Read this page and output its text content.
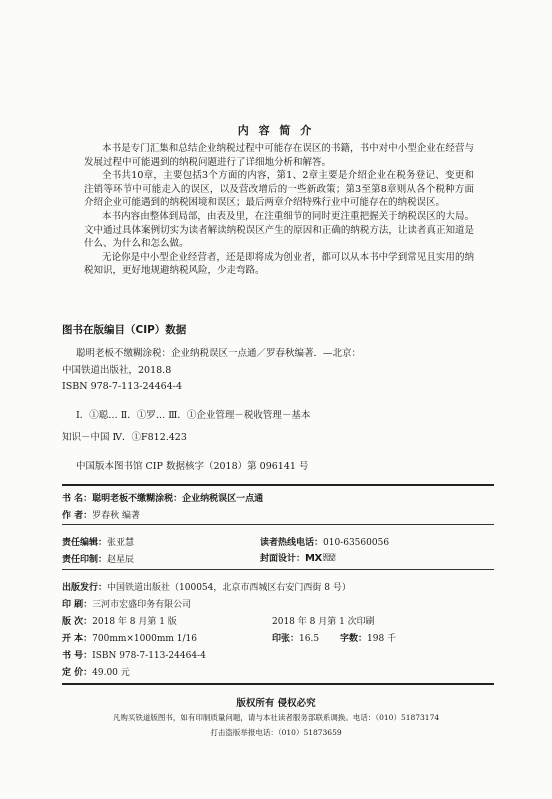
内 容 简 介

本书是专门汇集和总结企业纳税过程中可能存在误区的书籍，书中对中小型企业在经营与发展过程中可能遇到的纳税问题进行了详细地分析和解答。

全书共10章，主要包括3个方面的内容，第1、2章主要是介绍企业在税务登记、变更和注销等环节中可能走入的误区，以及营改增后的一些新政策；第3至第8章则从各个税种方面介绍企业可能遇到的纳税困境和误区；最后两章介绍特殊行业中可能存在的纳税误区。

本书内容由整体到局部，由表及里，在注重细节的同时更注重把握关于纳税误区的大局。文中通过具体案例切实为读者解读纳税误区产生的原因和正确的纳税方法，让读者真正知道是什么、为什么和怎么做。

无论你是中小型企业经营者，还是即将成为创业者，都可以从本书中学到常见且实用的纳税知识，更好地规避纳税风险，少走弯路。

图书在版编目（CIP）数据
聪明老板不缴糊涂税：企业纳税误区一点通／罗春秋编著．—北京：
中国铁道出版社，2018.8
ISBN 978-7-113-24464-4
Ⅰ．①聪… Ⅱ．①罗… Ⅲ．①企业管理－税收管理－基本
知识－中国 Ⅳ．①F812.423
中国版本图书馆 CIP 数据核字（2018）第 096141 号
书 名：聪明老板不缴糊涂税：企业纳税误区一点通
作 者：罗春秋 编著
责任编辑：张亚慧	读者热线电话：010-63560056
责任印制：赵星辰	封面设计：MXDESIGN
STUDIO
出版发行：中国铁道出版社（100054，北京市西城区右安门西街 8 号）
印 刷：三河市宏盛印务有限公司
版 次：2018 年 8 月第 1 版	2018 年 8 月第 1 次印刷
开 本：700mm×1000mm 1/16	印张：16.5 字数：198 千
书 号：ISBN 978-7-113-24464-4
定 价：49.00 元
版权所有 侵权必究
凡购买铁道版图书，如有印制质量问题，请与本社读者服务部联系调换。电话：（010）51873174
打击盗版举报电话：（010）51873659
